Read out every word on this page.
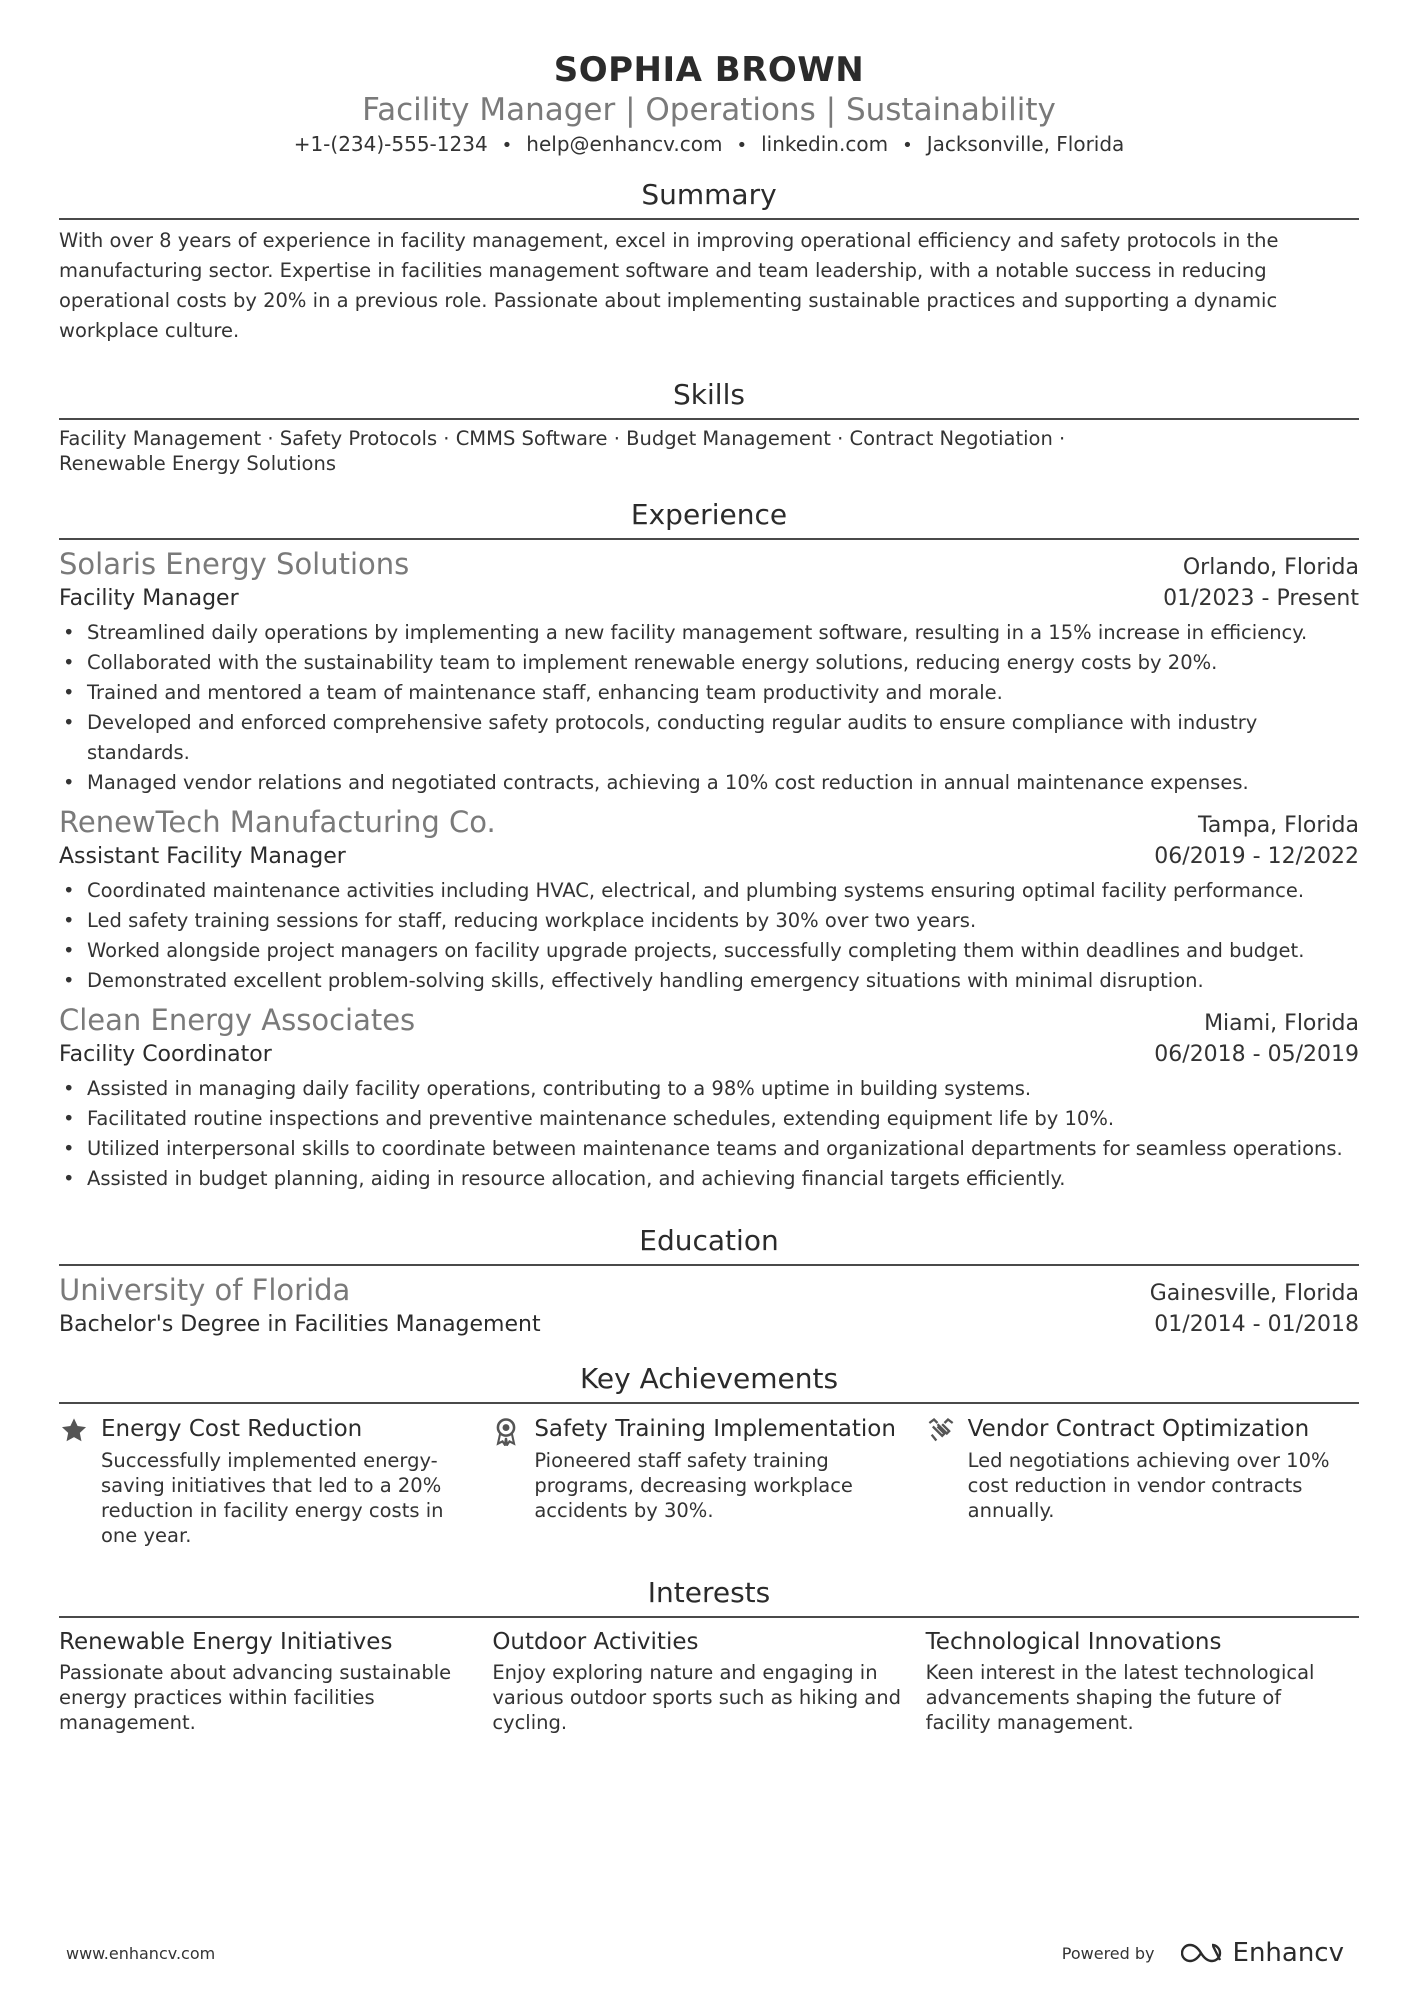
SOPHIA BROWN
Facility Manager | Operations | Sustainability
+1-(234)-555-1234 • help@enhancv.com • linkedin.com • Jacksonville, Florida
Summary
With over 8 years of experience in facility management, excel in improving operational efficiency and safety protocols in the manufacturing sector. Expertise in facilities management software and team leadership, with a notable success in reducing operational costs by 20% in a previous role. Passionate about implementing sustainable practices and supporting a dynamic workplace culture.
Skills
Facility Management · Safety Protocols · CMMS Software · Budget Management · Contract Negotiation · Renewable Energy Solutions
Experience
Solaris Energy Solutions	Orlando, Florida
Facility Manager	01/2023 - Present
• Streamlined daily operations by implementing a new facility management software, resulting in a 15% increase in efficiency.
• Collaborated with the sustainability team to implement renewable energy solutions, reducing energy costs by 20%.
• Trained and mentored a team of maintenance staff, enhancing team productivity and morale.
• Developed and enforced comprehensive safety protocols, conducting regular audits to ensure compliance with industry standards.
• Managed vendor relations and negotiated contracts, achieving a 10% cost reduction in annual maintenance expenses.
RenewTech Manufacturing Co.	Tampa, Florida
Assistant Facility Manager	06/2019 - 12/2022
• Coordinated maintenance activities including HVAC, electrical, and plumbing systems ensuring optimal facility performance.
• Led safety training sessions for staff, reducing workplace incidents by 30% over two years.
• Worked alongside project managers on facility upgrade projects, successfully completing them within deadlines and budget.
• Demonstrated excellent problem-solving skills, effectively handling emergency situations with minimal disruption.
Clean Energy Associates	Miami, Florida
Facility Coordinator	06/2018 - 05/2019
• Assisted in managing daily facility operations, contributing to a 98% uptime in building systems.
• Facilitated routine inspections and preventive maintenance schedules, extending equipment life by 10%.
• Utilized interpersonal skills to coordinate between maintenance teams and organizational departments for seamless operations.
• Assisted in budget planning, aiding in resource allocation, and achieving financial targets efficiently.
Education
University of Florida	Gainesville, Florida
Bachelor's Degree in Facilities Management	01/2014 - 01/2018
Key Achievements
Energy Cost Reduction
Successfully implemented energy-saving initiatives that led to a 20% reduction in facility energy costs in one year.
Safety Training Implementation
Pioneered staff safety training programs, decreasing workplace accidents by 30%.
Vendor Contract Optimization
Led negotiations achieving over 10% cost reduction in vendor contracts annually.
Interests
Renewable Energy Initiatives
Passionate about advancing sustainable energy practices within facilities management.
Outdoor Activities
Enjoy exploring nature and engaging in various outdoor sports such as hiking and cycling.
Technological Innovations
Keen interest in the latest technological advancements shaping the future of facility management.
www.enhancv.com	Powered by	Enhancv
